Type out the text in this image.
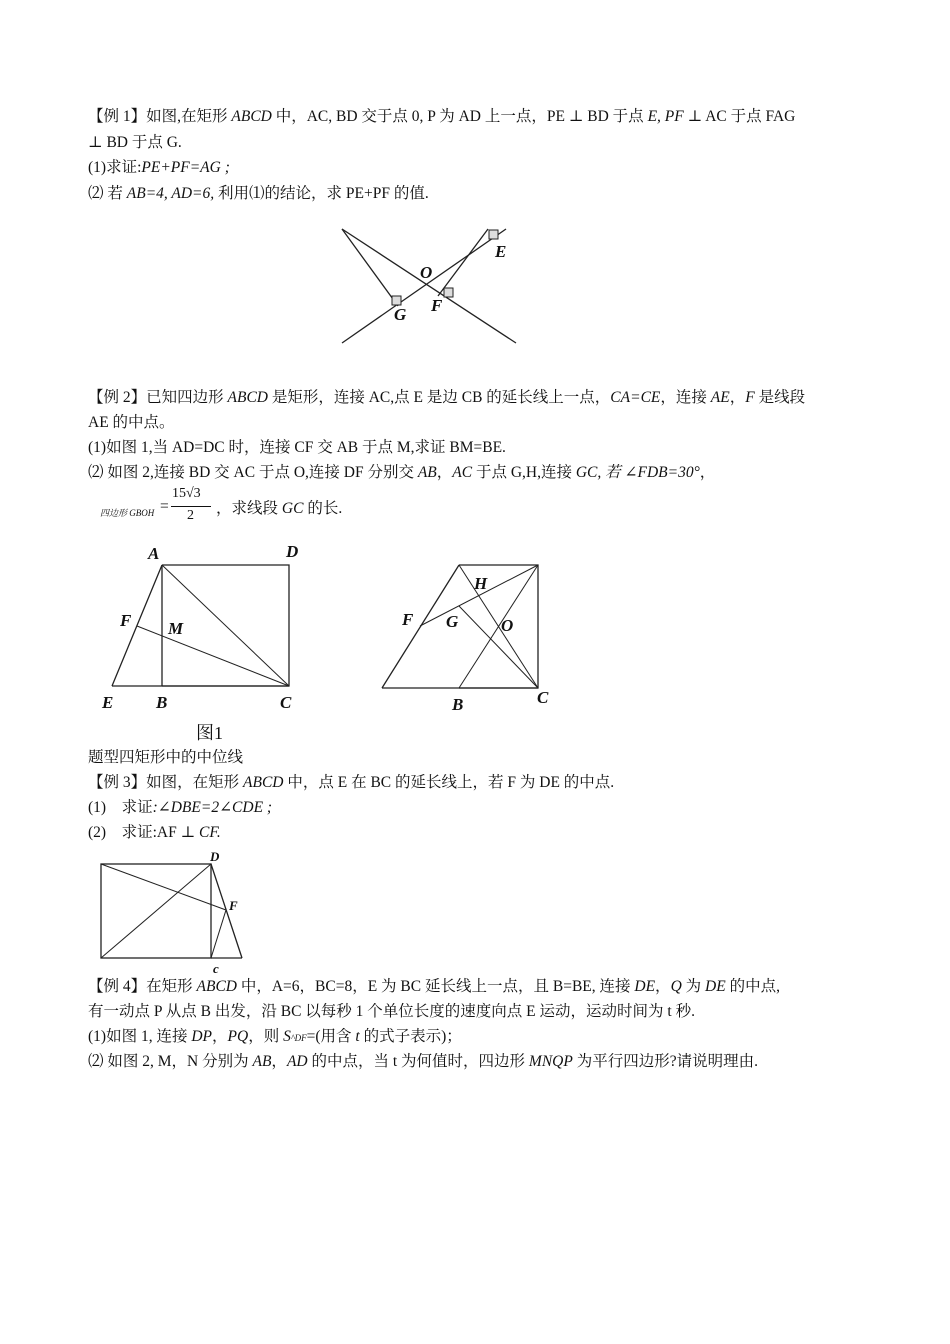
【例 1】如图,在矩形 ABCD 中，AC, BD 交于点 0, P 为 AD 上一点，PE ⊥ BD 于点 E, PF ⊥ AC 于点 FAG
⊥ BD 于点 G.
(1)求证:PE+PF=AG ;
⑵ 若 AB=4, AD=6, 利用⑴的结论，求 PE+PF 的值.
O
E
G F
【例 2】已知四边形 ABCD 是矩形，连接 AC,点 E 是边 CB 的延长线上一点，CA=CE，连接 AE，F 是线段
AE 的中点。
(1)如图 1,当 AD=DC 时，连接 CF 交 AB 于点 M,求证 BM=BE.
⑵ 如图 2,连接 BD 交 AC 于点 O,连接 DF 分别交 AB，AC 于点 G,H,连接 GC, 若 ∠FDB=30°，
四边形 GBOH =
15√3
2 ，求线段 GC 的长.
A	D
F M
E	B	C
图1
H
F G	O
B	C
题型四矩形中的中位线
【例 3】如图，在矩形 ABCD 中，点 E 在 BC 的延长线上，若 F 为 DE 的中点.
(1)　求证:∠DBE=2∠CDE ;
(2)　求证:AF ⊥ CF.
D
F
c
【例 4】在矩形 ABCD 中，A=6，BC=8，E 为 BC 延长线上一点，且 B=BE, 连接 DE，Q 为 DE 的中点,
有一动点 P 从点 B 出发，沿 BC 以每秒 1 个单位长度的速度向点 E 运动，运动时间为 t 秒.
(1)如图 1, 连接 DP，PQ，则 S^DF=(用含 t 的式子表示)；
⑵ 如图 2, M，N 分别为 AB，AD 的中点，当 t 为何值时，四边形 MNQP 为平行四边形?请说明理由.
